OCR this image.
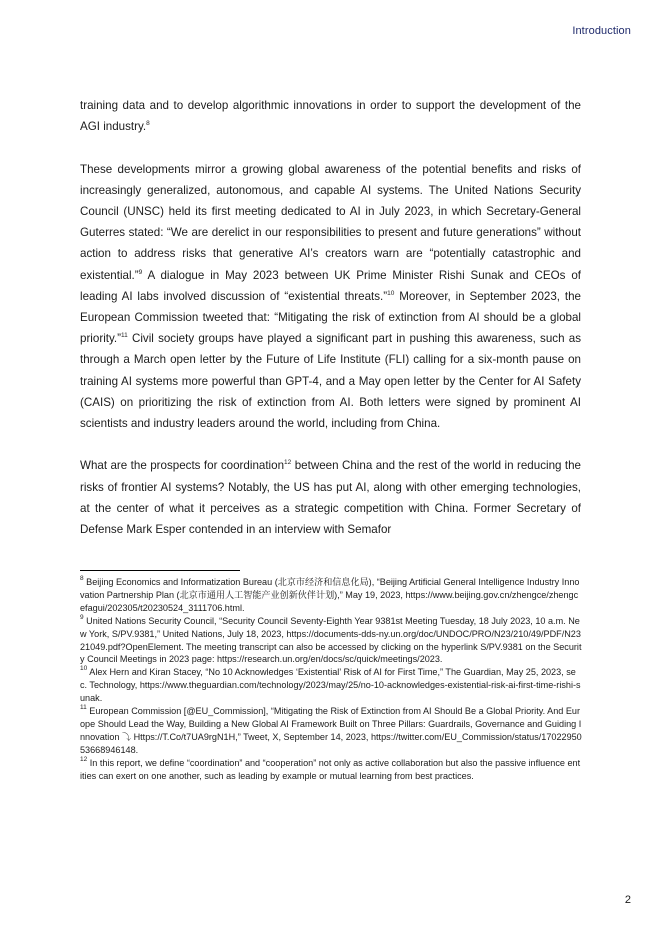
Introduction

training data and to develop algorithmic innovations in order to support the development of the AGI industry.$^8$

These developments mirror a growing global awareness of the potential benefits and risks of increasingly generalized, autonomous, and capable AI systems. The United Nations Security Council (UNSC) held its first meeting dedicated to AI in July 2023, in which Secretary-General Guterres stated: “We are derelict in our responsibilities to present and future generations” without action to address risks that generative AI’s creators warn are “potentially catastrophic and existential.”$^9$ A dialogue in May 2023 between UK Prime Minister Rishi Sunak and CEOs of leading AI labs involved discussion of “existential threats.”$^{10}$ Moreover, in September 2023, the European Commission tweeted that: “Mitigating the risk of extinction from AI should be a global priority.”$^{11}$ Civil society groups have played a significant part in pushing this awareness, such as through a March open letter by the Future of Life Institute (FLI) calling for a six-month pause on training AI systems more powerful than GPT-4, and a May open letter by the Center for AI Safety (CAIS) on prioritizing the risk of extinction from AI. Both letters were signed by prominent AI scientists and industry leaders around the world, including from China.

What are the prospects for coordination$^{12}$ between China and the rest of the world in reducing the risks of frontier AI systems? Notably, the US has put AI, along with other emerging technologies, at the center of what it perceives as a strategic competition with China. Former Secretary of Defense Mark Esper contended in an interview with Semafor

$^8$ Beijing Economics and Informatization Bureau (北京市经济和信息化局), “Beijing Artificial General Intelligence Industry Innovation Partnership Plan (北京市通用人工智能产业创新伙伴计划),” May 19, 2023, https://www.beijing.gov.cn/zhengce/zhengcefagui/202305/t20230524_3111706.html.

$^9$ United Nations Security Council, “Security Council Seventy-Eighth Year 9381st Meeting Tuesday, 18 July 2023, 10 a.m. New York, S/PV.9381,” United Nations, July 18, 2023, https://documents-dds-ny.un.org/doc/UNDOC/PRO/N23/210/49/PDF/N2321049.pdf?OpenElement. The meeting transcript can also be accessed by clicking on the hyperlink S/PV.9381 on the Security Council Meetings in 2023 page: https://research.un.org/en/docs/sc/quick/meetings/2023.

$^{10}$ Alex Hern and Kiran Stacey, “No 10 Acknowledges ‘Existential’ Risk of AI for First Time,” The Guardian, May 25, 2023, sec. Technology, https://www.theguardian.com/technology/2023/may/25/no-10-acknowledges-existential-risk-ai-first-time-rishi-sunak.

$^{11}$ European Commission [@EU_Commission], “Mitigating the Risk of Extinction from AI Should Be a Global Priority. And Europe Should Lead the Way, Building a New Global AI Framework Built on Three Pillars: Guardrails, Governance and Guiding Innovation ⤵ Https://T.Co/t7UA9rgN1H,” Tweet, X, September 14, 2023, https://twitter.com/EU_Commission/status/1702295053668946148.

$^{12}$ In this report, we define “coordination” and “cooperation” not only as active collaboration but also the passive influence entities can exert on one another, such as leading by example or mutual learning from best practices.

2
